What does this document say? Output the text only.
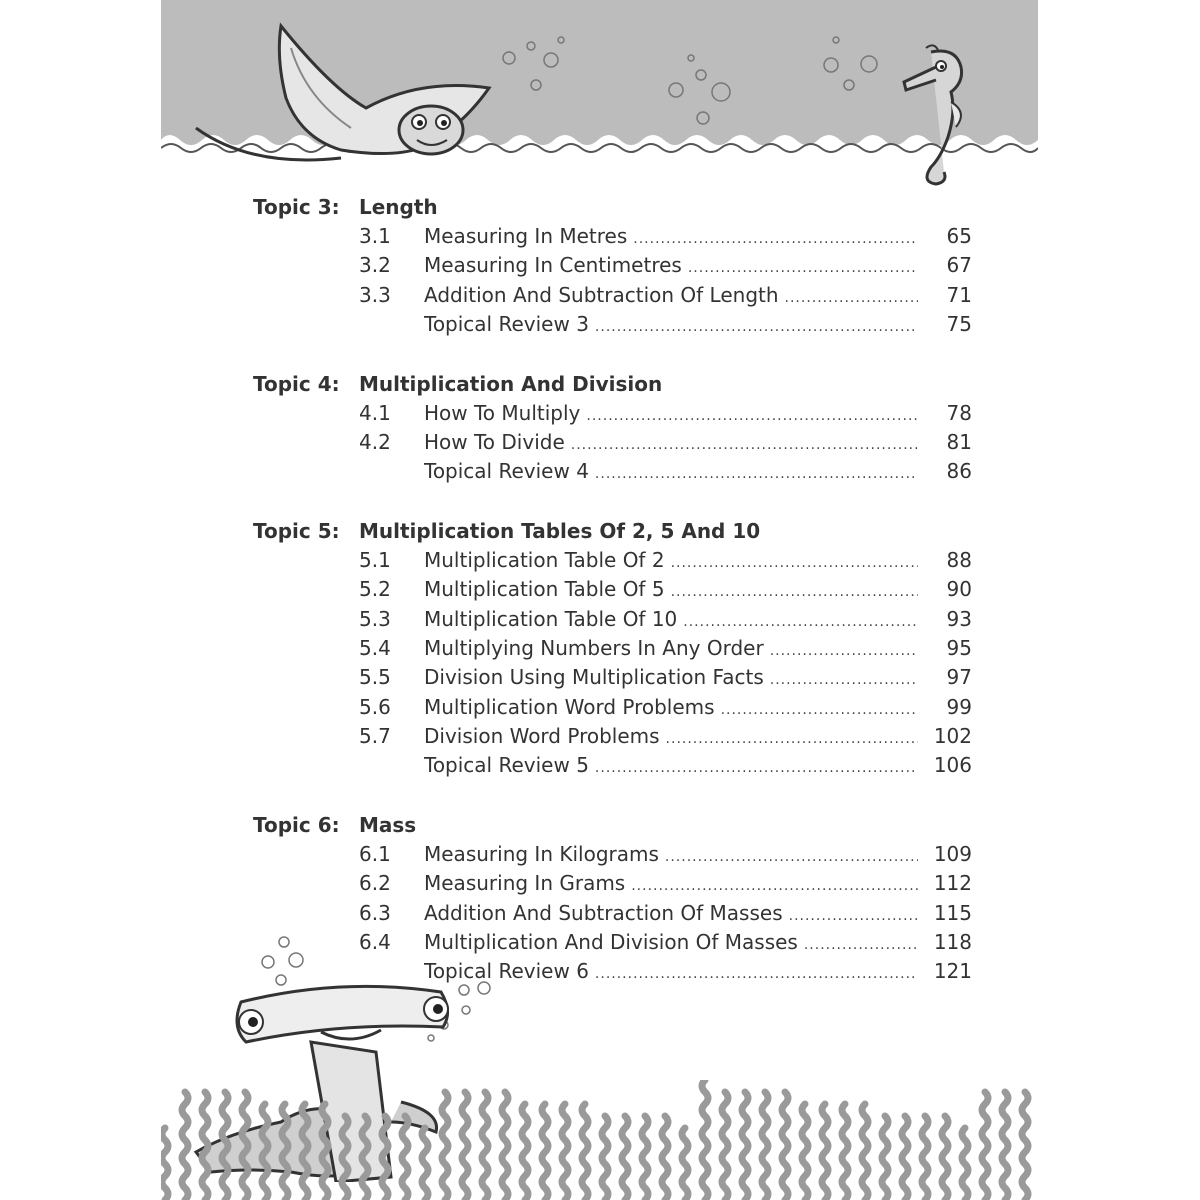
Topic 3: Length
3.1	Measuring In Metres .....	65
3.2	Measuring In Centimetres .....	67
3.3	Addition And Subtraction Of Length .....	71
Topical Review 3 .....	75
Topic 4: Multiplication And Division
4.1	How To Multiply .....	78
4.2	How To Divide .....	81
Topical Review 4 .....	86
Topic 5: Multiplication Tables Of 2, 5 And 10
5.1	Multiplication Table Of 2 .....	88
5.2	Multiplication Table Of 5 .....	90
5.3	Multiplication Table Of 10 .....	93
5.4	Multiplying Numbers In Any Order .....	95
5.5	Division Using Multiplication Facts .....	97
5.6	Multiplication Word Problems .....	99
5.7	Division Word Problems .....	102
Topical Review 5 .....	106
Topic 6: Mass
6.1	Measuring In Kilograms .....	109
6.2	Measuring In Grams .....	112
6.3	Addition And Subtraction Of Masses .....	115
6.4	Multiplication And Division Of Masses .....	118
Topical Review 6 .....	121
